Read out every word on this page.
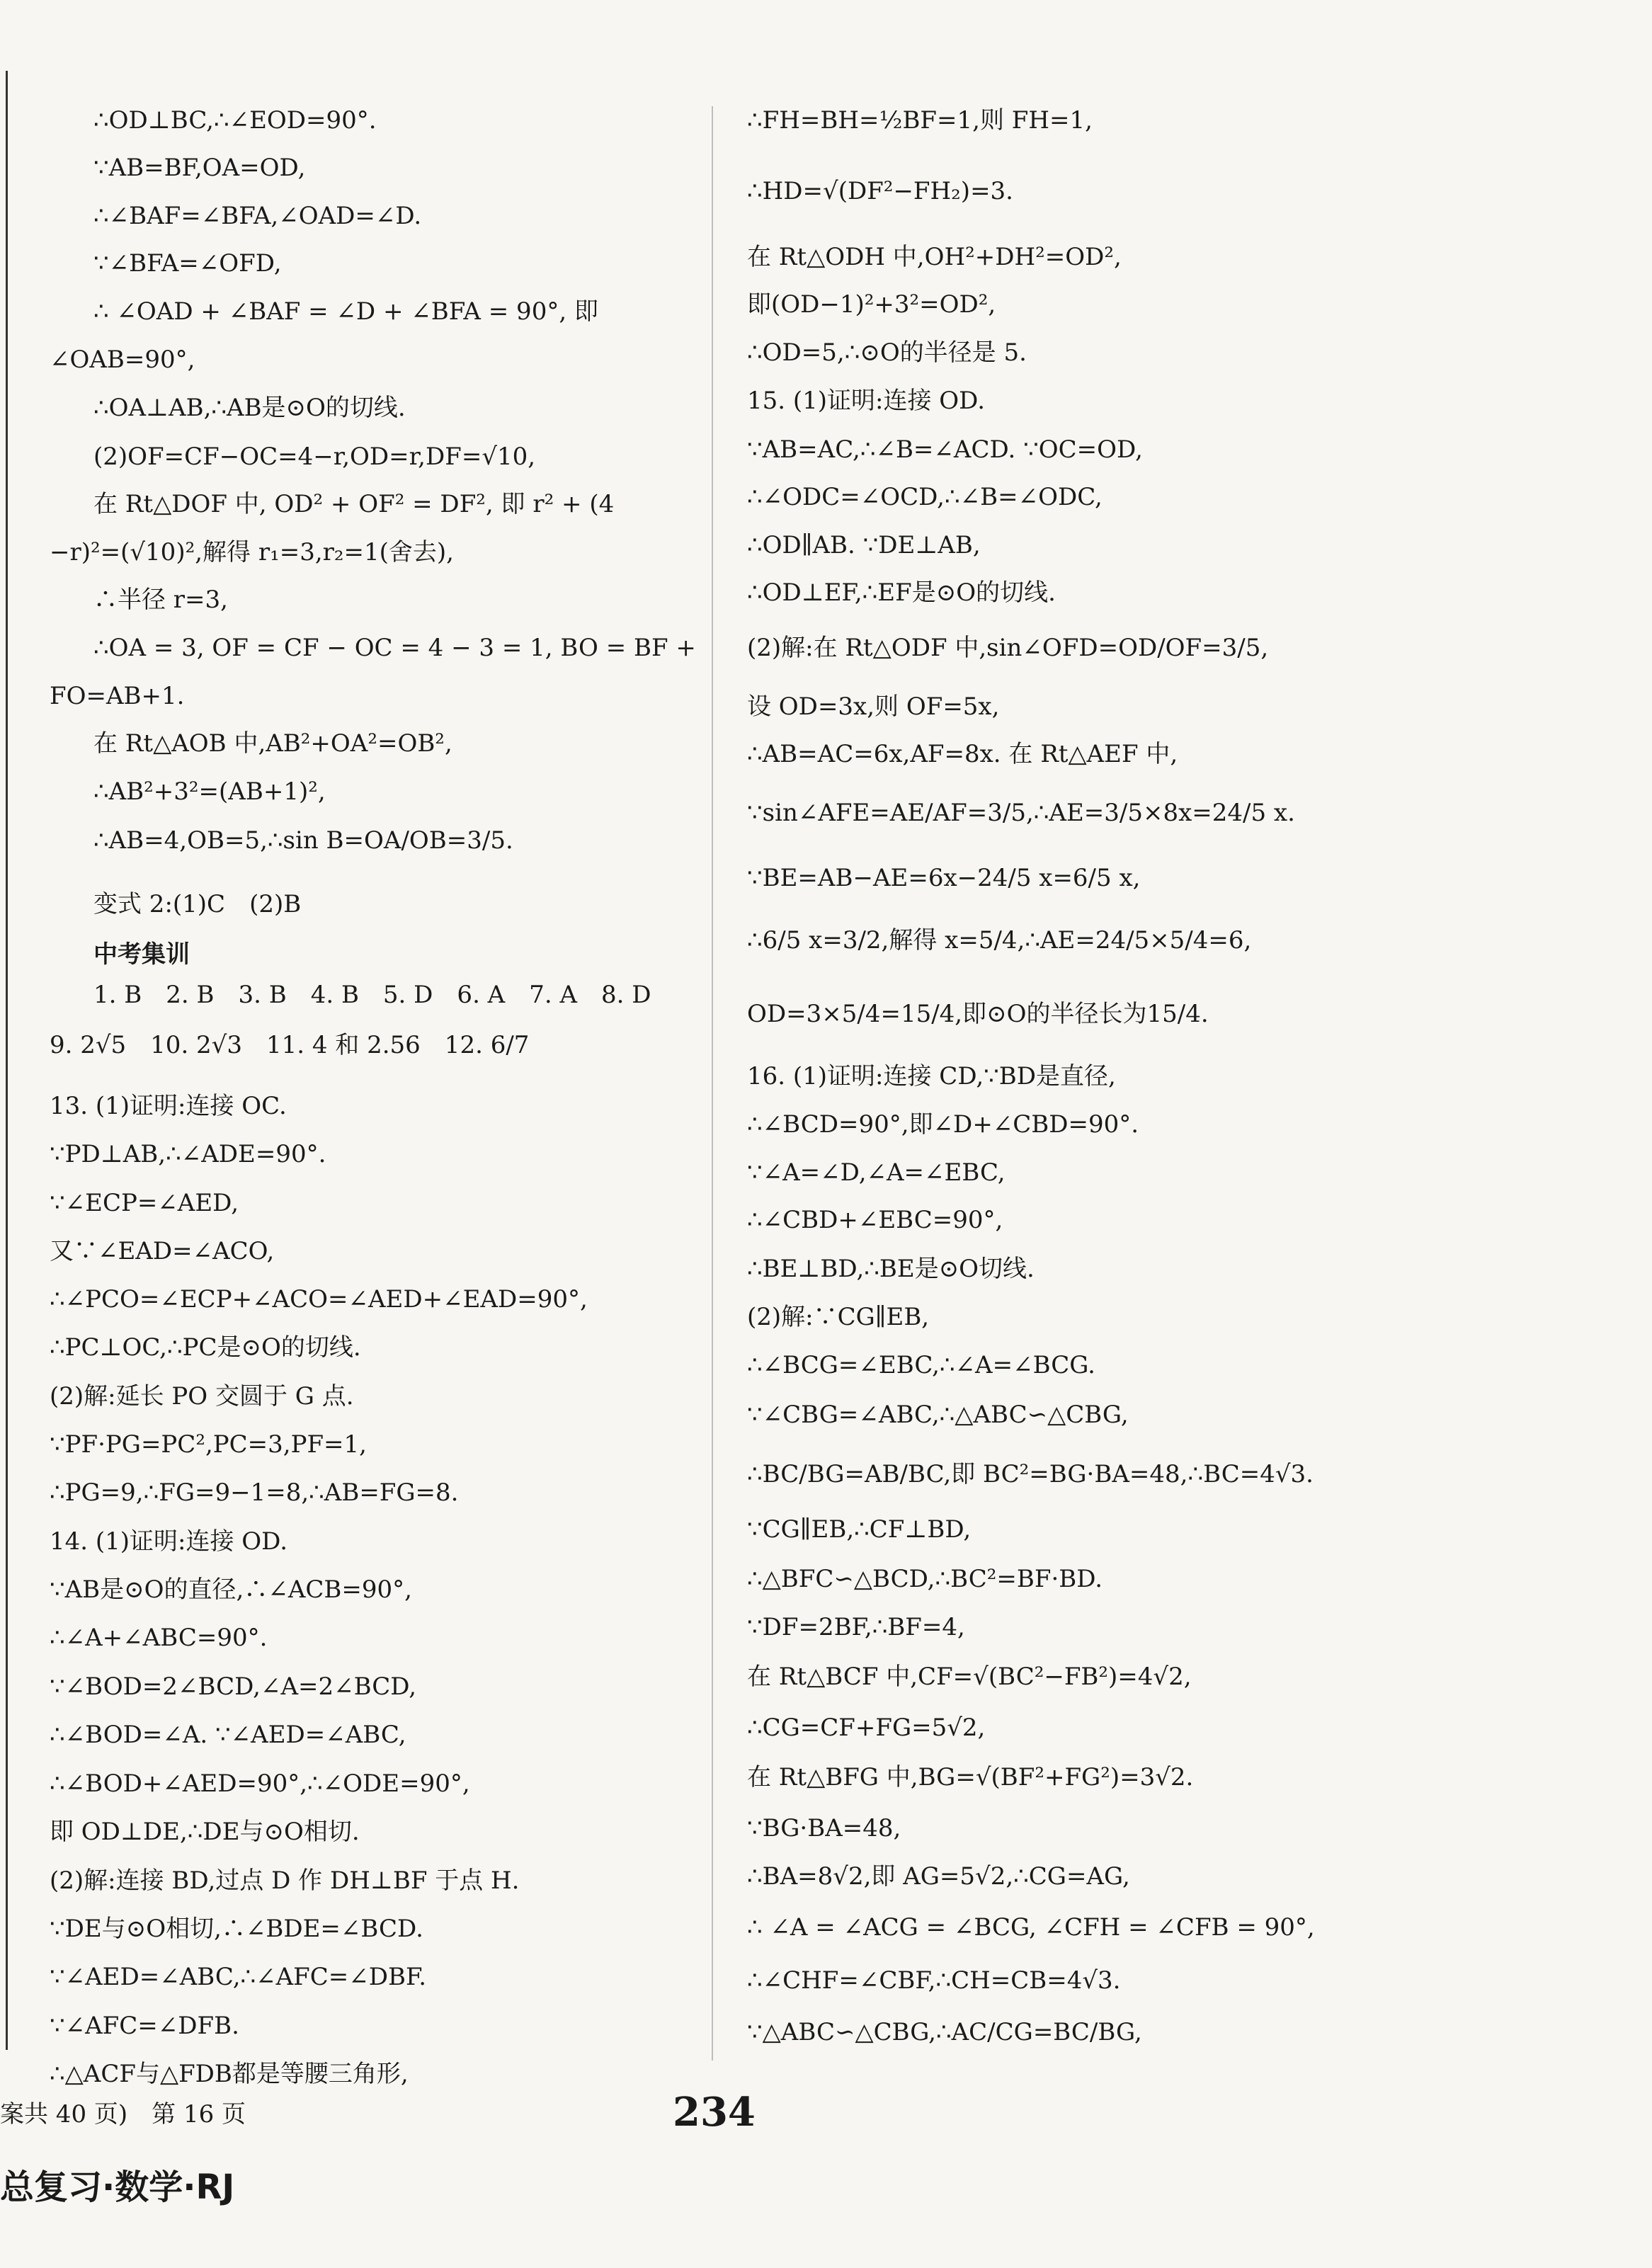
∴OD⊥BC,∴∠EOD=90°.
∵AB=BF,OA=OD,
∴∠BAF=∠BFA,∠OAD=∠D.
∵∠BFA=∠OFD,
∴ ∠OAD + ∠BAF = ∠D + ∠BFA = 90°, 即
∠OAB=90°,
∴OA⊥AB,∴AB是⊙O的切线.
(2)OF=CF−OC=4−r,OD=r,DF=√10,
在 Rt△DOF 中, OD² + OF² = DF², 即 r² + (4
−r)²=(√10)²,解得 r₁=3,r₂=1(舍去),
∴半径 r=3,
∴OA = 3, OF = CF − OC = 4 − 3 = 1, BO = BF +
FO=AB+1.
在 Rt△AOB 中,AB²+OA²=OB²,
∴AB²+3²=(AB+1)²,
∴AB=4,OB=5,∴sin B=OA/OB=3/5.
变式 2:(1)C　(2)B
中考集训
1. B　2. B　3. B　4. B　5. D　6. A　7. A　8. D
9. 2√5　10. 2√3　11. 4 和 2.56　12. 6/7
13. (1)证明:连接 OC.
∵PD⊥AB,∴∠ADE=90°.
∵∠ECP=∠AED,
又∵∠EAD=∠ACO,
∴∠PCO=∠ECP+∠ACO=∠AED+∠EAD=90°,
∴PC⊥OC,∴PC是⊙O的切线.
(2)解:延长 PO 交圆于 G 点.
∵PF·PG=PC²,PC=3,PF=1,
∴PG=9,∴FG=9−1=8,∴AB=FG=8.
14. (1)证明:连接 OD.
∵AB是⊙O的直径,∴∠ACB=90°,
∴∠A+∠ABC=90°.
∵∠BOD=2∠BCD,∠A=2∠BCD,
∴∠BOD=∠A. ∵∠AED=∠ABC,
∴∠BOD+∠AED=90°,∴∠ODE=90°,
即 OD⊥DE,∴DE与⊙O相切.
(2)解:连接 BD,过点 D 作 DH⊥BF 于点 H.
∵DE与⊙O相切,∴∠BDE=∠BCD.
∵∠AED=∠ABC,∴∠AFC=∠DBF.
∵∠AFC=∠DFB.
∴△ACF与△FDB都是等腰三角形,
∴FH=BH=½BF=1,则 FH=1,
∴HD=√(DF²−FH₂)=3.
在 Rt△ODH 中,OH²+DH²=OD²,
即(OD−1)²+3²=OD²,
∴OD=5,∴⊙O的半径是 5.
15. (1)证明:连接 OD.
∵AB=AC,∴∠B=∠ACD. ∵OC=OD,
∴∠ODC=∠OCD,∴∠B=∠ODC,
∴OD∥AB. ∵DE⊥AB,
∴OD⊥EF,∴EF是⊙O的切线.
(2)解:在 Rt△ODF 中,sin∠OFD=OD/OF=3/5,
设 OD=3x,则 OF=5x,
∴AB=AC=6x,AF=8x. 在 Rt△AEF 中,
∵sin∠AFE=AE/AF=3/5,∴AE=3/5×8x=24/5 x.
∵BE=AB−AE=6x−24/5 x=6/5 x,
∴6/5 x=3/2,解得 x=5/4,∴AE=24/5×5/4=6,
OD=3×5/4=15/4,即⊙O的半径长为15/4.
16. (1)证明:连接 CD,∵BD是直径,
∴∠BCD=90°,即∠D+∠CBD=90°.
∵∠A=∠D,∠A=∠EBC,
∴∠CBD+∠EBC=90°,
∴BE⊥BD,∴BE是⊙O切线.
(2)解:∵CG∥EB,
∴∠BCG=∠EBC,∴∠A=∠BCG.
∵∠CBG=∠ABC,∴△ABC∽△CBG,
∴BC/BG=AB/BC,即 BC²=BG·BA=48,∴BC=4√3.
∵CG∥EB,∴CF⊥BD,
∴△BFC∽△BCD,∴BC²=BF·BD.
∵DF=2BF,∴BF=4,
在 Rt△BCF 中,CF=√(BC²−FB²)=4√2,
∴CG=CF+FG=5√2,
在 Rt△BFG 中,BG=√(BF²+FG²)=3√2.
∵BG·BA=48,
∴BA=8√2,即 AG=5√2,∴CG=AG,
∴ ∠A = ∠ACG = ∠BCG, ∠CFH = ∠CFB = 90°,
∴∠CHF=∠CBF,∴CH=CB=4√3.
∵△ABC∽△CBG,∴AC/CG=BC/BG,
案共 40 页)　第 16 页	234
总复习·数学·RJ
